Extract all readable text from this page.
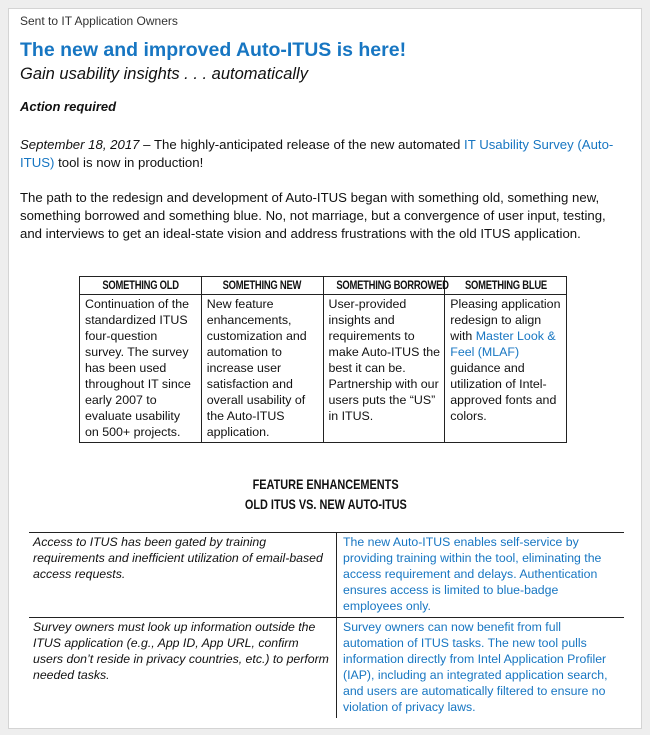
Sent to IT Application Owners
The new and improved Auto-ITUS is here!
Gain usability insights . . . automatically
Action required
September 18, 2017 – The highly-anticipated release of the new automated IT Usability Survey (Auto-ITUS) tool is now in production!
The path to the redesign and development of Auto-ITUS began with something old, something new, something borrowed and something blue. No, not marriage, but a convergence of user input, testing, and interviews to get an ideal-state vision and address frustrations with the old ITUS application.
SOMETHING OLD	SOMETHING NEW	SOMETHING BORROWED	SOMETHING BLUE
Continuation of the standardized ITUS four-question survey. The survey has been used throughout IT since early 2007 to evaluate usability on 500+ projects.	New feature enhancements, customization and automation to increase user satisfaction and overall usability of the Auto-ITUS application.	User-provided insights and requirements to make Auto-ITUS the best it can be. Partnership with our users puts the “US” in ITUS.	Pleasing application redesign to align with Master Look & Feel (MLAF) guidance and utilization of Intel-approved fonts and colors.
FEATURE ENHANCEMENTS
OLD ITUS VS. NEW AUTO-ITUS
Access to ITUS has been gated by training requirements and inefficient utilization of email-based access requests.	The new Auto-ITUS enables self-service by providing training within the tool, eliminating the access requirement and delays. Authentication ensures access is limited to blue-badge employees only.
Survey owners must look up information outside the ITUS application (e.g., App ID, App URL, confirm users don’t reside in privacy countries, etc.) to perform needed tasks.	Survey owners can now benefit from full automation of ITUS tasks. The new tool pulls information directly from Intel Application Profiler (IAP), including an integrated application search, and users are automatically filtered to ensure no violation of privacy laws.
